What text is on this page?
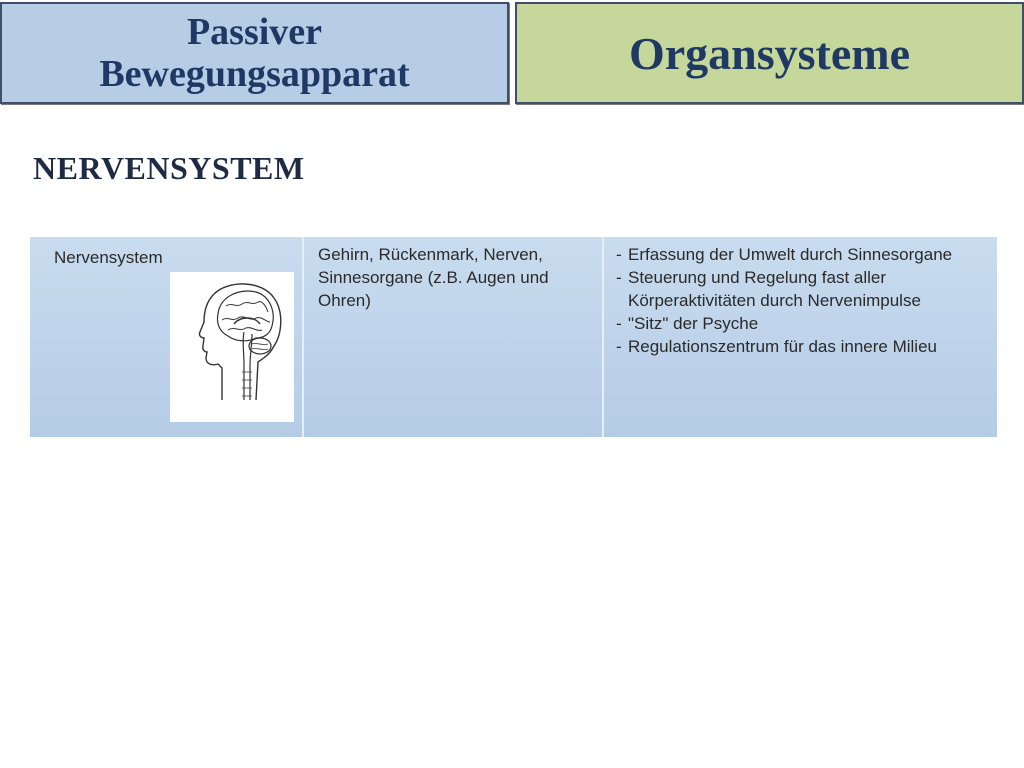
Passiver
Bewegungsapparat	Organsysteme
NERVENSYSTEM
Nervensystem	Gehirn, Rückenmark, Nerven, Sinnesorgane (z.B. Augen und Ohren)
- Erfassung der Umwelt durch Sinnesorgane
- Steuerung und Regelung fast aller Körperaktivitäten durch Nervenimpulse
- "Sitz" der Psyche
- Regulationszentrum für das innere Milieu
